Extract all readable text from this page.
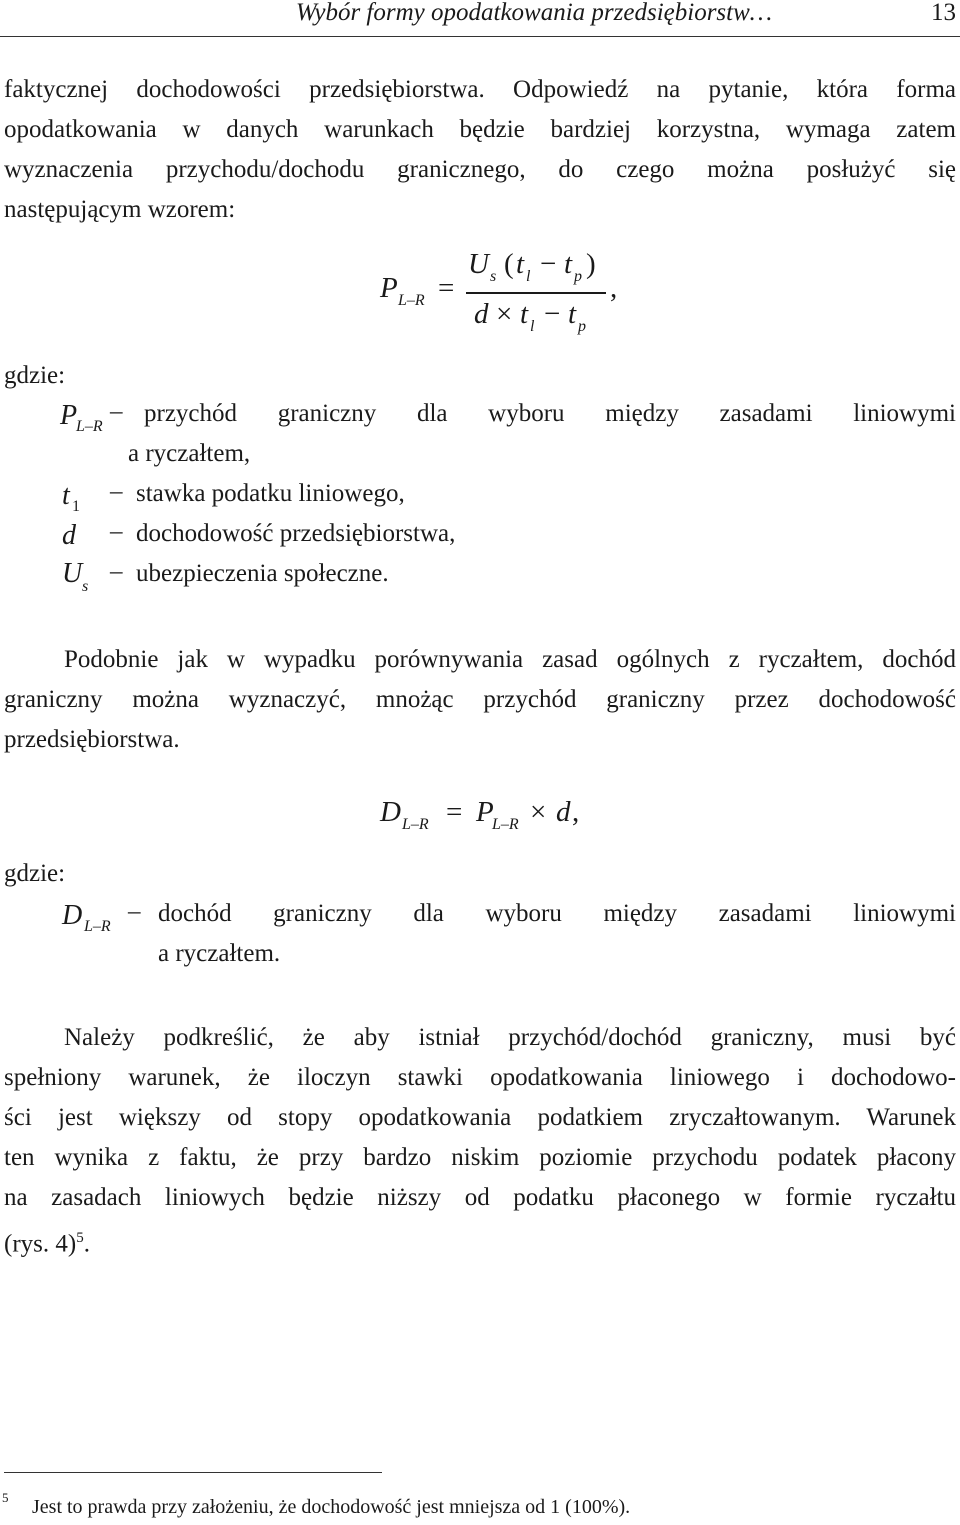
Wybór formy opodatkowania przedsiębiorstw…	13
faktycznej dochodowości przedsiębiorstwa. Odpowiedź na pytanie, która forma
opodatkowania w danych warunkach będzie bardziej korzystna, wymaga zatem
wyznaczenia przychodu/dochodu granicznego, do czego można posłużyć się
następującym wzorem:
P L–R =
U s ( t l − t p )
d × t l − t p
,
gdzie:
P
L–R
– przychód graniczny dla wyboru między zasadami liniowymi
a ryczałtem,
t 1
– stawka podatku liniowego,
d – dochodowość przedsiębiorstwa,
U s
– ubezpieczenia społeczne.
Podobnie jak w wypadku porównywania zasad ogólnych z ryczałtem, dochód
graniczny można wyznaczyć, mnożąc przychód graniczny przez dochodowość
przedsiębiorstwa.
D L–R = P
L–R × d ,
gdzie:
D L–R
– dochód graniczny dla wyboru między zasadami liniowymi
a ryczałtem.
Należy podkreślić, że aby istniał przychód/dochód graniczny, musi być
spełniony warunek, że iloczyn stawki opodatkowania liniowego i dochodowo-
ści jest większy od stopy opodatkowania podatkiem zryczałtowanym. Warunek
ten wynika z faktu, że przy bardzo niskim poziomie przychodu podatek płacony
na zasadach liniowych będzie niższy od podatku płaconego w formie ryczałtu
(rys. 4)$^5$.
5 Jest to prawda przy założeniu, że dochodowość jest mniejsza od 1 (100%).
